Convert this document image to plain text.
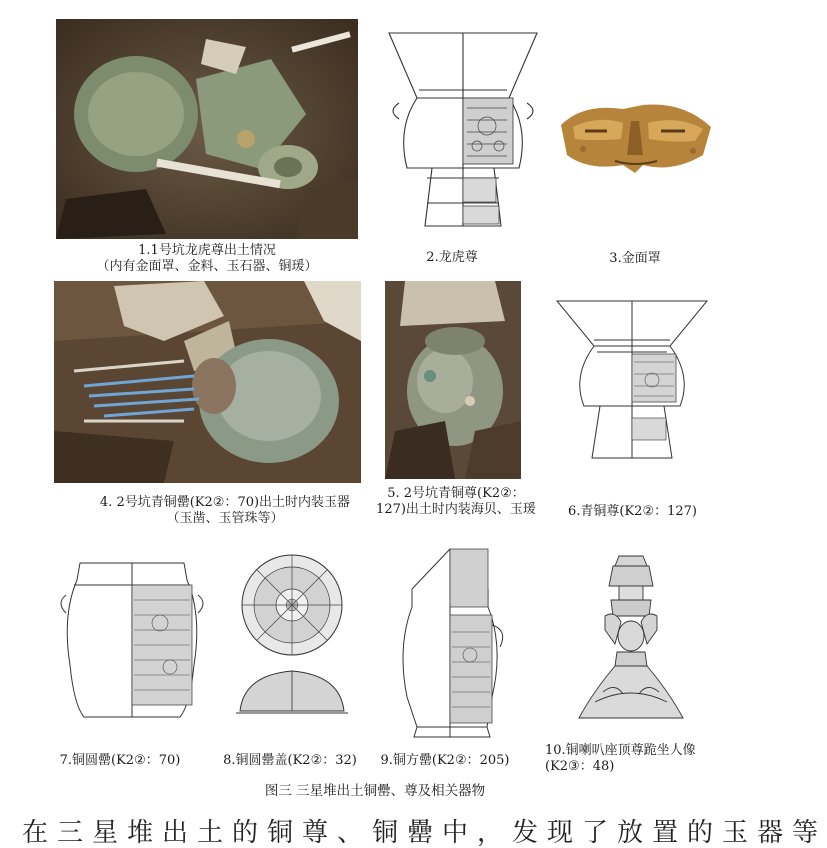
1.1号坑龙虎尊出土情况
（内有金面罩、金料、玉石器、铜瑗）
2.龙虎尊	3.金面罩
4. 2号坑青铜罍(K2②：70)出土时内装玉器
（玉凿、玉管珠等）
5. 2号坑青铜尊(K2②：127)出土时内装海贝、玉瑗	6.青铜尊(K2②：127)
7.铜圆罍(K2②：70)	8.铜圆罍盖(K2②：32)	9.铜方罍(K2②：205)
10.铜喇叭座顶尊跪坐人像
(K2③：48)
图三 三星堆出土铜罍、尊及相关器物
在三星堆出土的铜尊、铜罍中，发现了放置的玉器等
